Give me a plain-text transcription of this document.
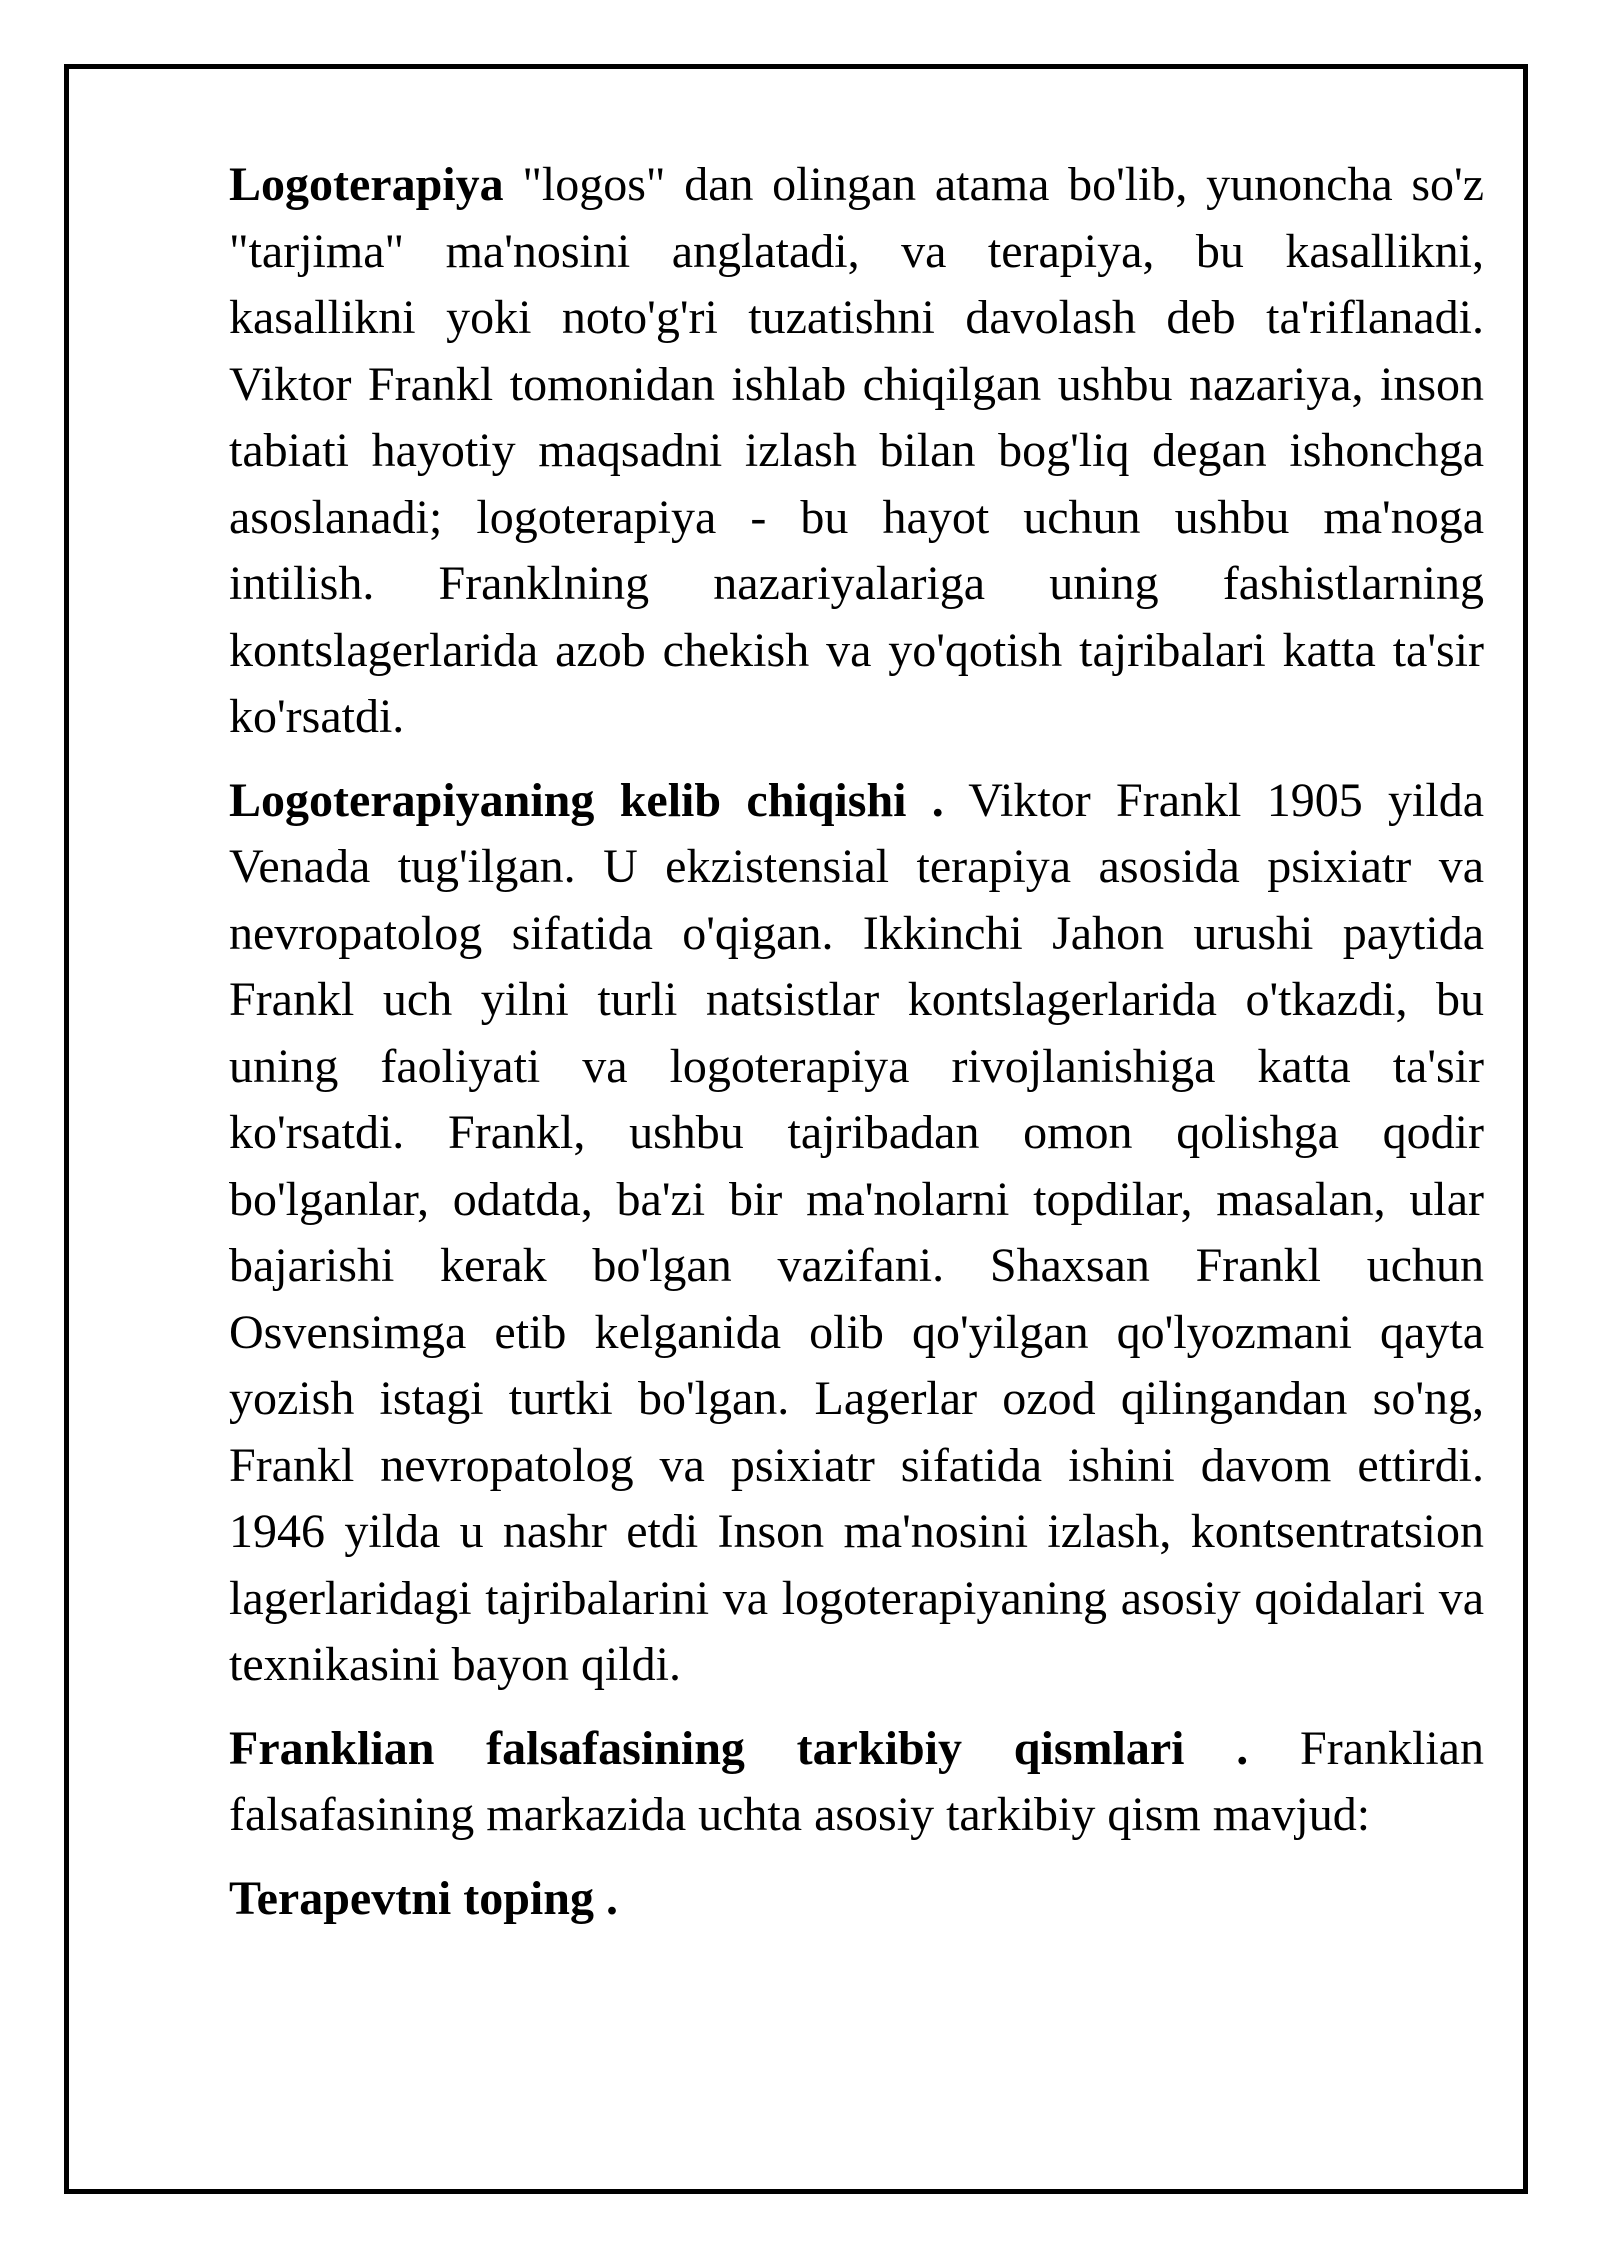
Logoterapiya "logos" dan olingan atama bo'lib, yunoncha so'z "tarjima" ma'nosini anglatadi, va terapiya, bu kasallikni, kasallikni yoki noto'g'ri tuzatishni davolash deb ta'riflanadi. Viktor Frankl tomonidan ishlab chiqilgan ushbu nazariya, inson tabiati hayotiy maqsadni izlash bilan bog'liq degan ishonchga asoslanadi; logoterapiya - bu hayot uchun ushbu ma'noga intilish. Franklning nazariyalariga uning fashistlarning kontslagerlarida azob chekish va yo'qotish tajribalari katta ta'sir ko'rsatdi.

Logoterapiyaning kelib chiqishi . Viktor Frankl 1905 yilda Venada tug'ilgan. U ekzistensial terapiya asosida psixiatr va nevropatolog sifatida o'qigan. Ikkinchi Jahon urushi paytida Frankl uch yilni turli natsistlar kontslagerlarida o'tkazdi, bu uning faoliyati va logoterapiya rivojlanishiga katta ta'sir ko'rsatdi. Frankl, ushbu tajribadan omon qolishga qodir bo'lganlar, odatda, ba'zi bir ma'nolarni topdilar, masalan, ular bajarishi kerak bo'lgan vazifani. Shaxsan Frankl uchun Osvensimga etib kelganida olib qo'yilgan qo'lyozmani qayta yozish istagi turtki bo'lgan. Lagerlar ozod qilingandan so'ng, Frankl nevropatolog va psixiatr sifatida ishini davom ettirdi. 1946 yilda u nashr etdi Inson ma'nosini izlash, kontsentratsion lagerlaridagi tajribalarini va logoterapiyaning asosiy qoidalari va texnikasini bayon qildi.

Franklian falsafasining tarkibiy qismlari . Franklian falsafasining markazida uchta asosiy tarkibiy qism mavjud:

Terapevtni toping .
